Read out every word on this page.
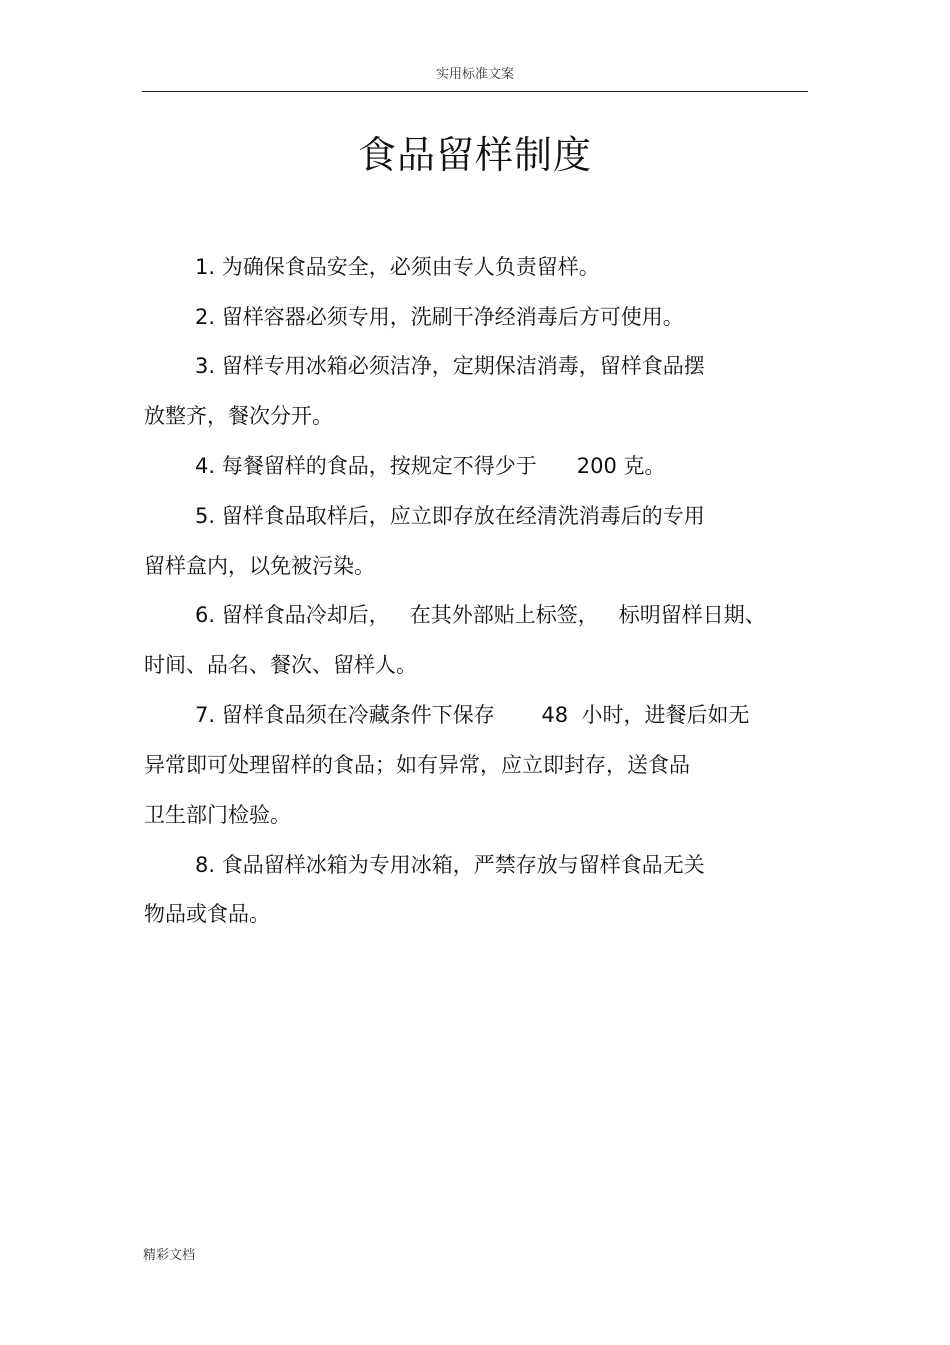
实用标准文案
食品留样制度
1. 为确保食品安全，必须由专人负责留样。
2. 留样容器必须专用，洗刷干净经消毒后方可使用。
3. 留样专用冰箱必须洁净，定期保洁消毒，留样食品摆
放整齐，餐次分开。
4. 每餐留样的食品，按规定不得少于      200 克。
5. 留样食品取样后，应立即存放在经清洗消毒后的专用
留样盒内，以免被污染。
6. 留样食品冷却后，   在其外部贴上标签，   标明留样日期、
时间、品名、餐次、留样人。
7. 留样食品须在冷藏条件下保存       48  小时，进餐后如无
异常即可处理留样的食品；如有异常，应立即封存，送食品
卫生部门检验。
8. 食品留样冰箱为专用冰箱，严禁存放与留样食品无关
物品或食品。
精彩文档
